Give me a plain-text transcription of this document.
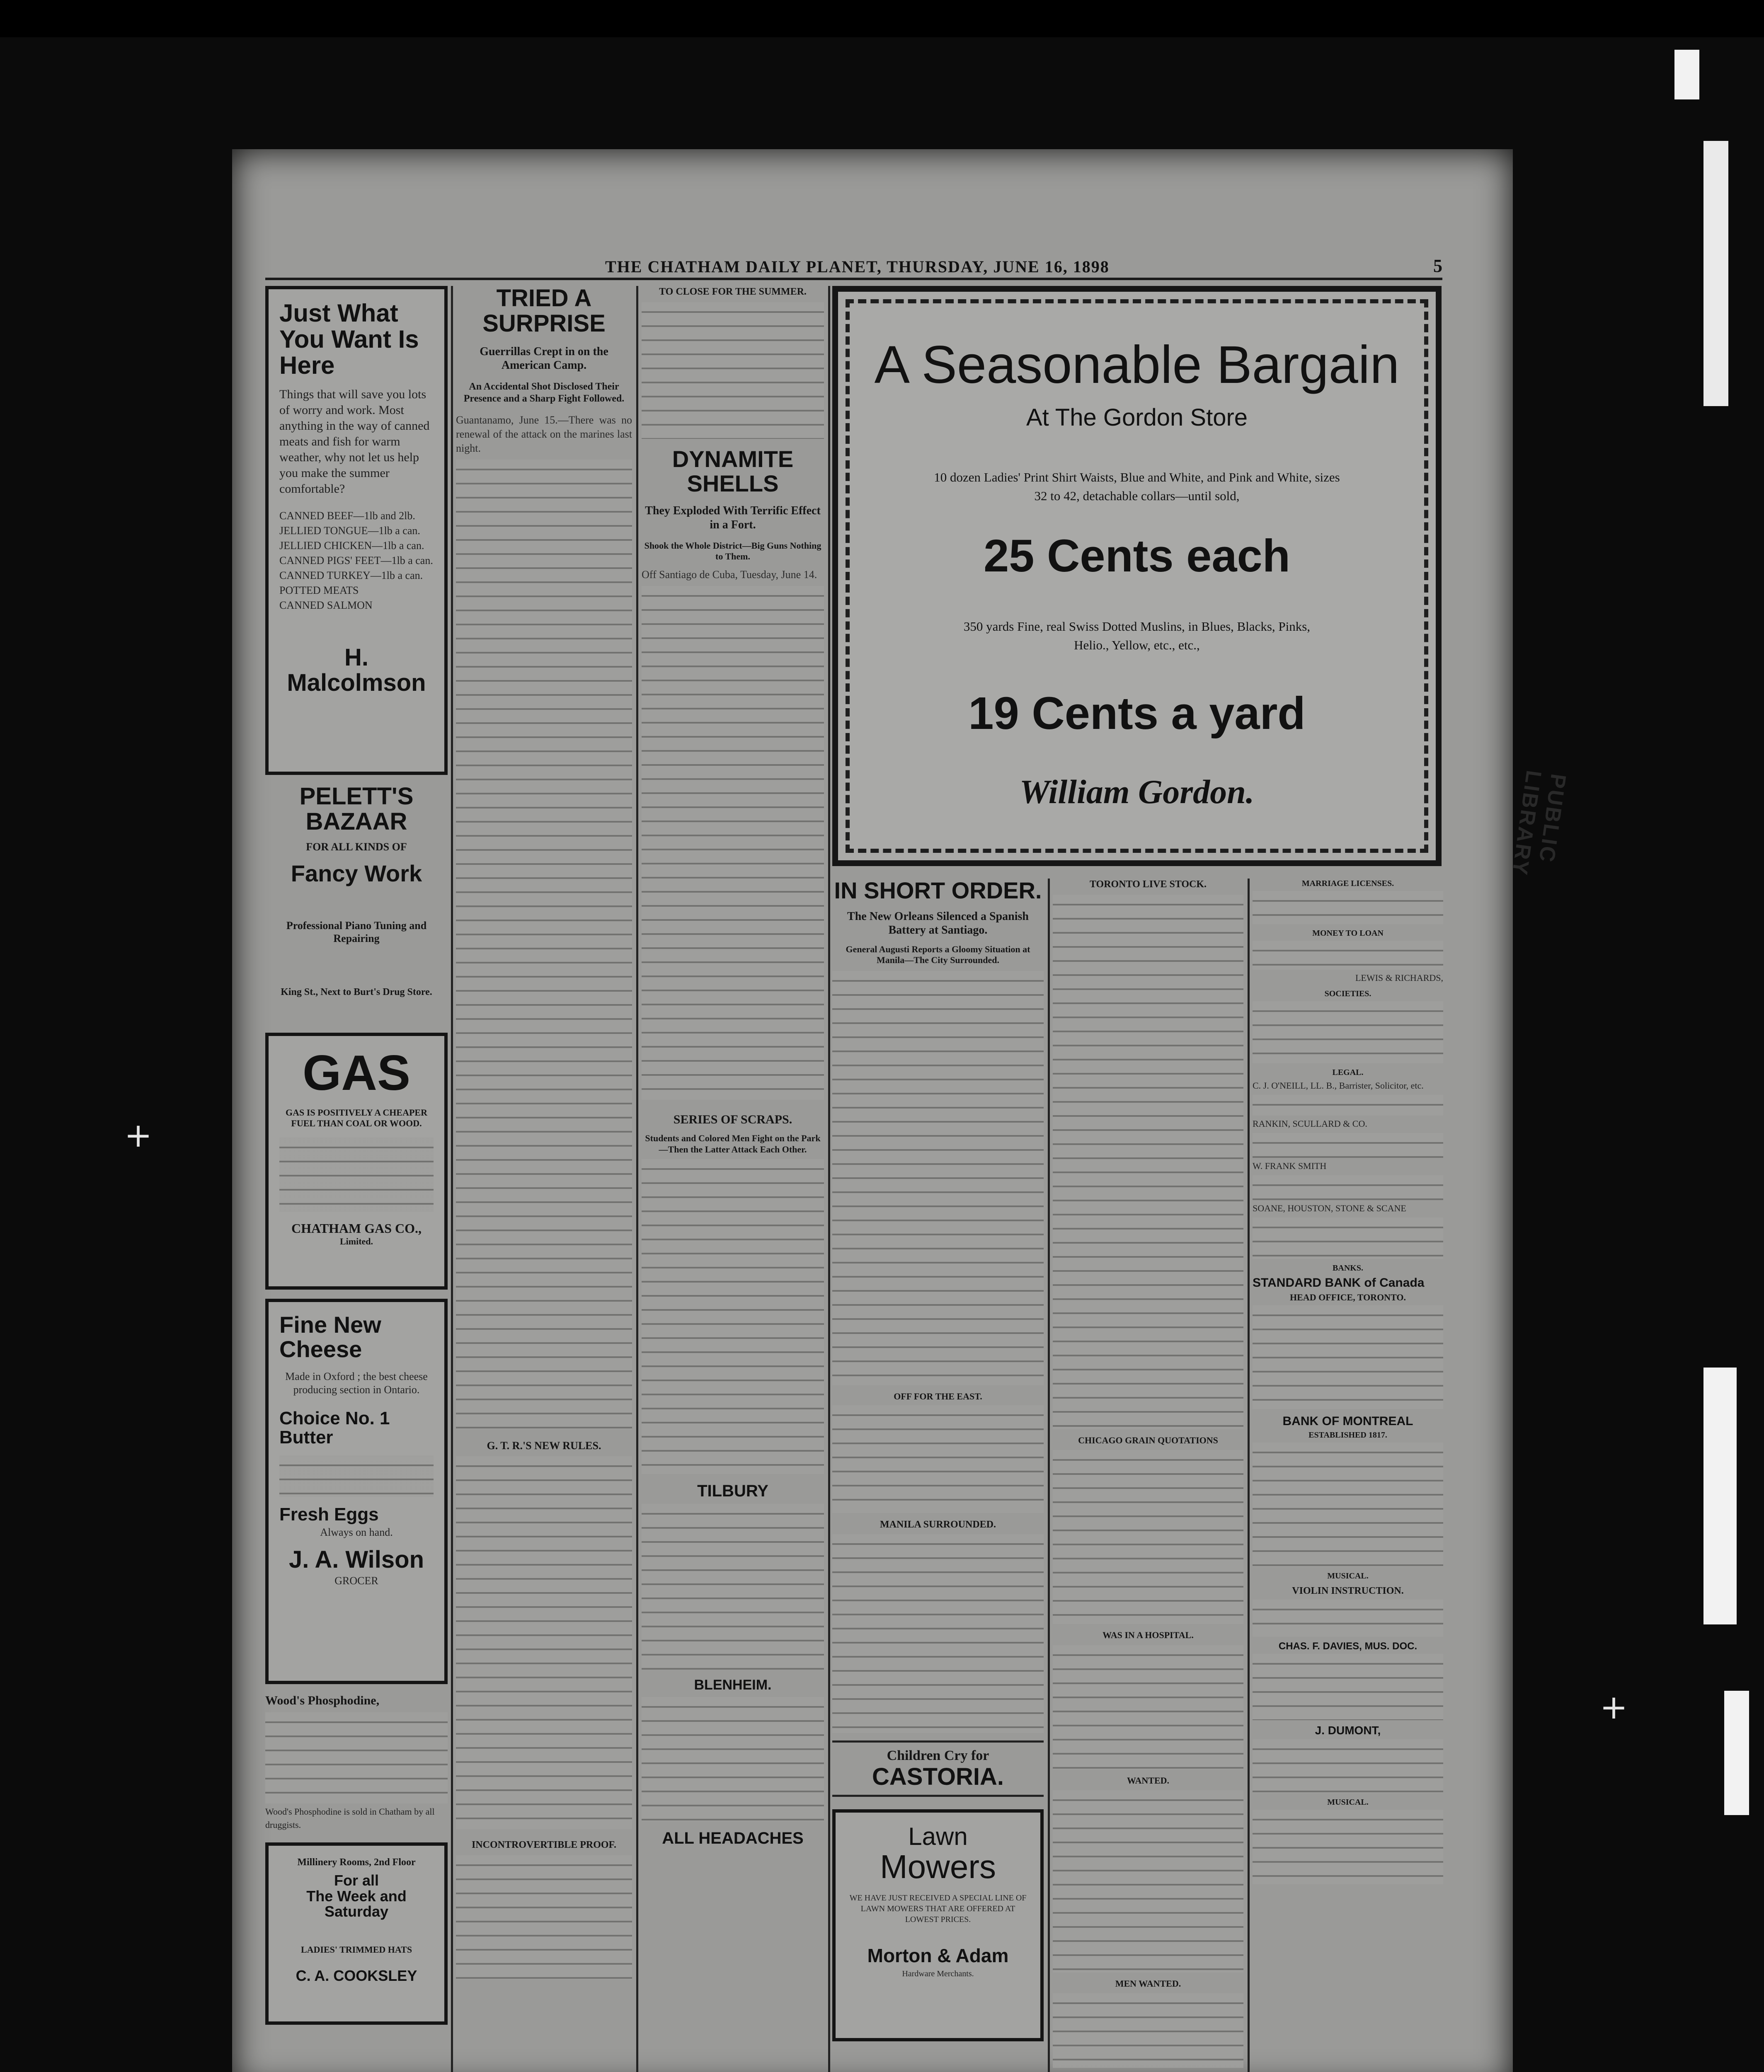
+
+
THE CHATHAM DAILY PLANET, THURSDAY, JUNE 16, 1898	5
Just What You Want Is Here
Things that will save you lots of worry and work. Most anything in the way of canned meats and fish for warm weather, why not let us help you make the summer comfortable?
CANNED BEEF—1lb and 2lb.
JELLIED TONGUE—1lb a can.
JELLIED CHICKEN—1lb a can.
CANNED PIGS' FEET—1lb a can.
CANNED TURKEY—1lb a can.
POTTED MEATS
CANNED SALMON
H. Malcolmson
PELETT'S BAZAAR
FOR ALL KINDS OF
Fancy Work
Professional Piano Tuning and Repairing
King St., Next to Burt's Drug Store.
GAS
GAS IS POSITIVELY A CHEAPER FUEL THAN COAL OR WOOD.
CHATHAM GAS CO.,
Limited.
Fine New
Cheese
Made in Oxford ; the best cheese producing section in Ontario.
Choice No. 1
Butter
Fresh Eggs
Always on hand.
J. A. Wilson
GROCER
Wood's Phosphodine,
Wood's Phosphodine is sold in Chatham by all druggists.
Millinery Rooms, 2nd Floor
For all
The Week and
Saturday
LADIES' TRIMMED HATS
C. A. COOKSLEY
TRIED A SURPRISE
Guerrillas Crept in on the American Camp.
An Accidental Shot Disclosed Their Presence and a Sharp Fight Followed.
Guantanamo, June 15.—There was no renewal of the attack on the marines last night.
G. T. R.'S NEW RULES.
INCONTROVERTIBLE PROOF.
TO CLOSE FOR THE SUMMER.
DYNAMITE SHELLS
They Exploded With Terrific Effect in a Fort.
Shook the Whole District—Big Guns Nothing to Them.
Off Santiago de Cuba, Tuesday, June 14.
SERIES OF SCRAPS.
Students and Colored Men Fight on the Park—Then the Latter Attack Each Other.
TILBURY
BLENHEIM.
ALL HEADACHES
A Seasonable Bargain
At The Gordon Store
10 dozen Ladies' Print Shirt Waists, Blue and White, and Pink and White, sizes
32 to 42, detachable collars—until sold,
25 Cents each
350 yards Fine, real Swiss Dotted Muslins, in Blues, Blacks, Pinks,
Helio., Yellow, etc., etc.,
19 Cents a yard
William Gordon.
IN SHORT ORDER.
The New Orleans Silenced a Spanish Battery at Santiago.
General Augusti Reports a Gloomy Situation at Manila—The City Surrounded.
OFF FOR THE EAST.
MANILA SURROUNDED.
Children Cry for
CASTORIA.
Lawn
Mowers
WE HAVE JUST RECEIVED A SPECIAL LINE OF LAWN MOWERS THAT ARE OFFERED AT LOWEST PRICES.
Morton & Adam
Hardware Merchants.
TORONTO LIVE STOCK.
CHICAGO GRAIN QUOTATIONS
WAS IN A HOSPITAL.
WANTED.
MEN WANTED.
MARRIAGE LICENSES.
MONEY TO LOAN
LEWIS & RICHARDS,
SOCIETIES.
LEGAL.
C. J. O'NEILL, LL. B., Barrister, Solicitor, etc.
RANKIN, SCULLARD & CO.
W. FRANK SMITH
SOANE, HOUSTON, STONE & SCANE
BANKS.
STANDARD BANK of Canada
HEAD OFFICE, TORONTO.
BANK OF MONTREAL
ESTABLISHED 1817.
MUSICAL.
VIOLIN INSTRUCTION.
CHAS. F. DAVIES, MUS. DOC.
J. DUMONT,
MUSICAL.
PUBLIC LIBRARY
